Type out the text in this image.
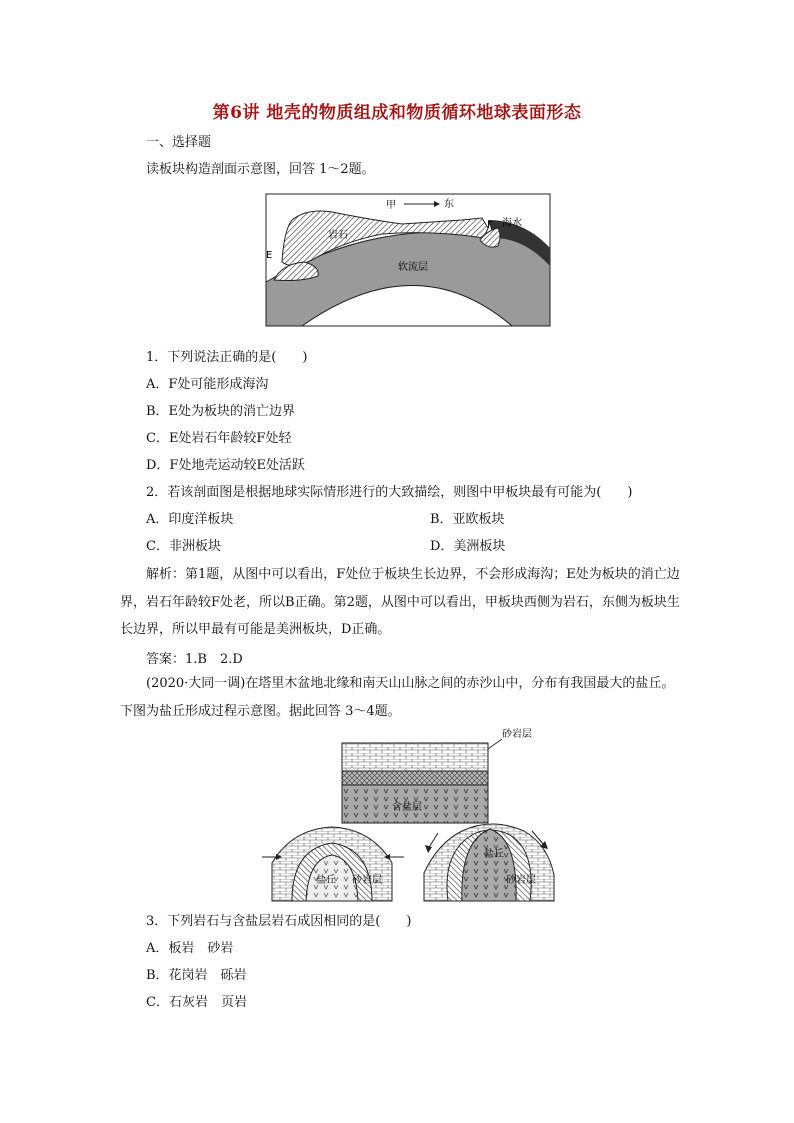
第6讲 地壳的物质组成和物质循环地球表面形态
一、选择题
读板块构造剖面示意图，回答 1～2题。
甲	东
F 海水
岩石
E
软流层
1．下列说法正确的是(　　)
A．F处可能形成海沟
B．E处为板块的消亡边界
C．E处岩石年龄较F处轻
D．F处地壳运动较E处活跃
2．若该剖面图是根据地球实际情形进行的大致描绘，则图中甲板块最有可能为(　　)
A．印度洋板块	B．亚欧板块
C．非洲板块	D．美洲板块
解析：第1题，从图中可以看出，F处位于板块生长边界，不会形成海沟；E处为板块的消亡边界，岩石年龄较F处老，所以B正确。第2题，从图中可以看出，甲板块西侧为岩石，东侧为板块生长边界，所以甲最有可能是美洲板块，D正确。
答案：1.B　2.D
(2020·大同一调)在塔里木盆地北缘和南天山山脉之间的赤沙山中，分布有我国最大的盐丘。下图为盐丘形成过程示意图。据此回答 3～4题。
砂岩层
含盐层
盐丘 砂岩层
盐丘
砂岩层
3．下列岩石与含盐层岩石成因相同的是(　　)
A．板岩　砂岩
B．花岗岩　砾岩
C．石灰岩　页岩
